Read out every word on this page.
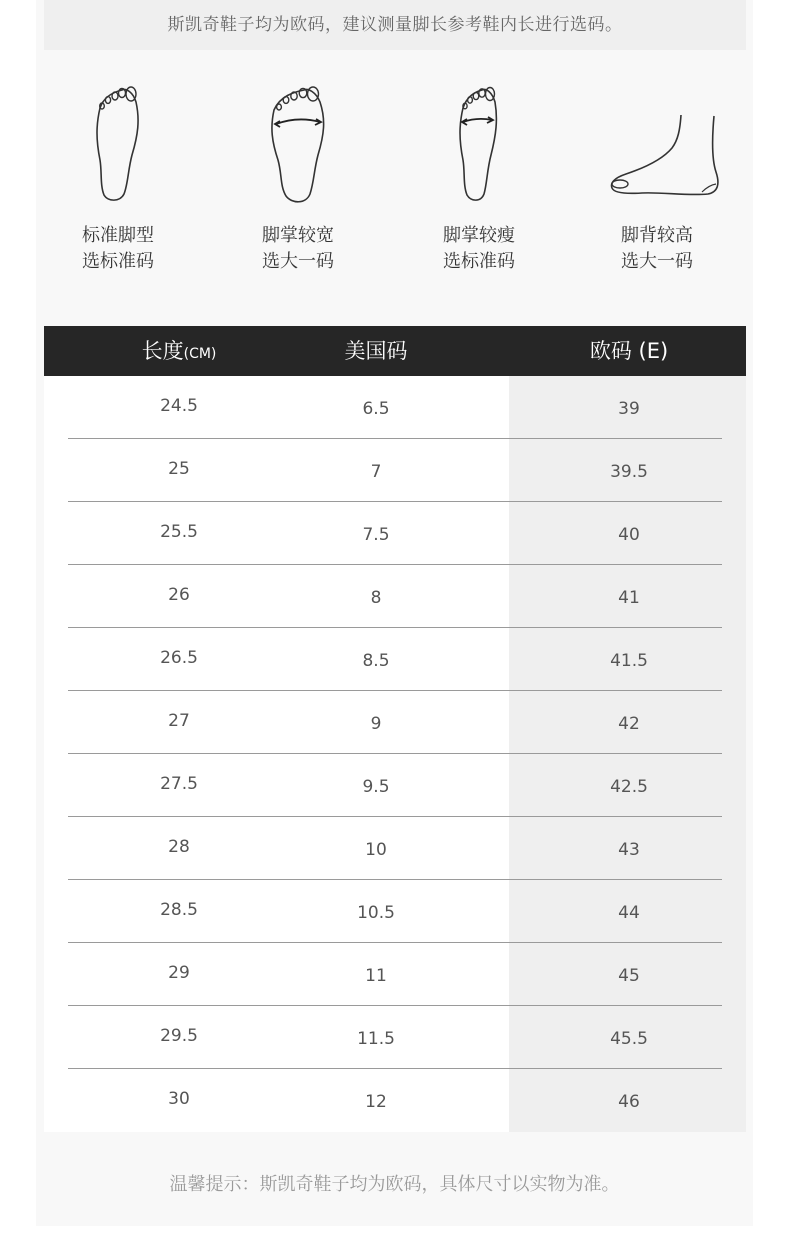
斯凯奇鞋子均为欧码，建议测量脚长参考鞋内长进行选码。
标准脚型
选标准码
脚掌较宽
选大一码
脚掌较瘦
选标准码
脚背较高
选大一码
长度(CM)	美国码	欧码 (E)
24.5	6.5	39
25	7	39.5
25.5	7.5	40
26	8	41
26.5	8.5	41.5
27	9	42
27.5	9.5	42.5
28	10	43
28.5	10.5	44
29	11	45
29.5	11.5	45.5
30	12	46
温馨提示：斯凯奇鞋子均为欧码，具体尺寸以实物为准。
